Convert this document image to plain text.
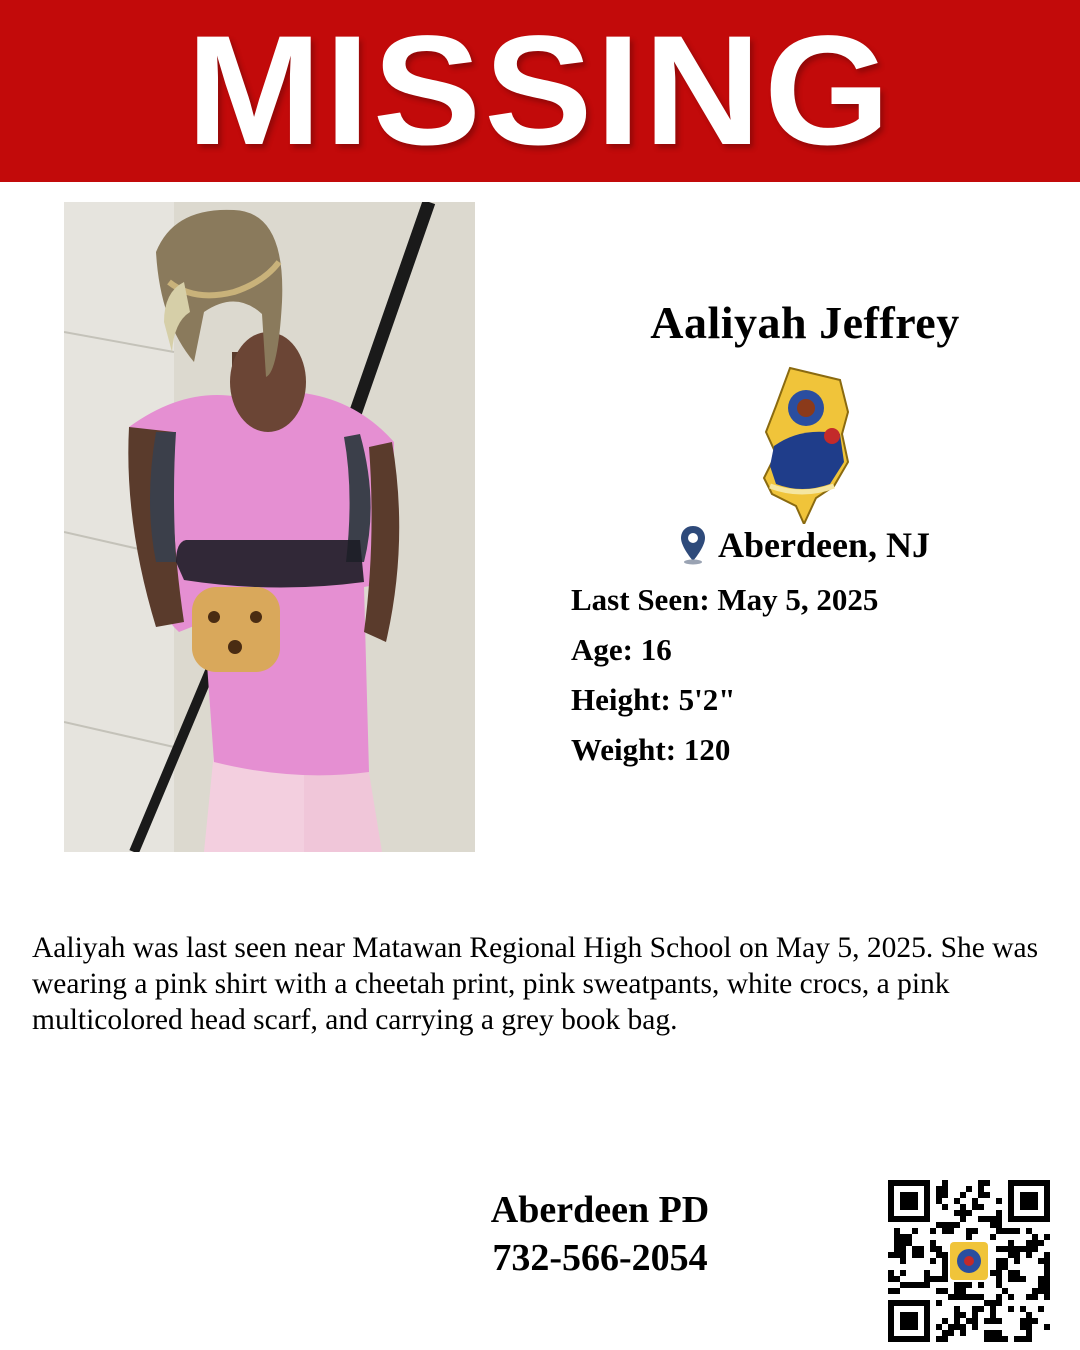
MISSING
Aaliyah Jeffrey
Aberdeen, NJ
Last Seen: May 5, 2025
Age: 16
Height: 5'2"
Weight: 120
Aaliyah was last seen near Matawan Regional High School on May 5, 2025. She was wearing a pink shirt with a cheetah print, pink sweatpants, white crocs, a pink multicolored head scarf, and carrying a grey book bag.
Aberdeen PD
732-566-2054
